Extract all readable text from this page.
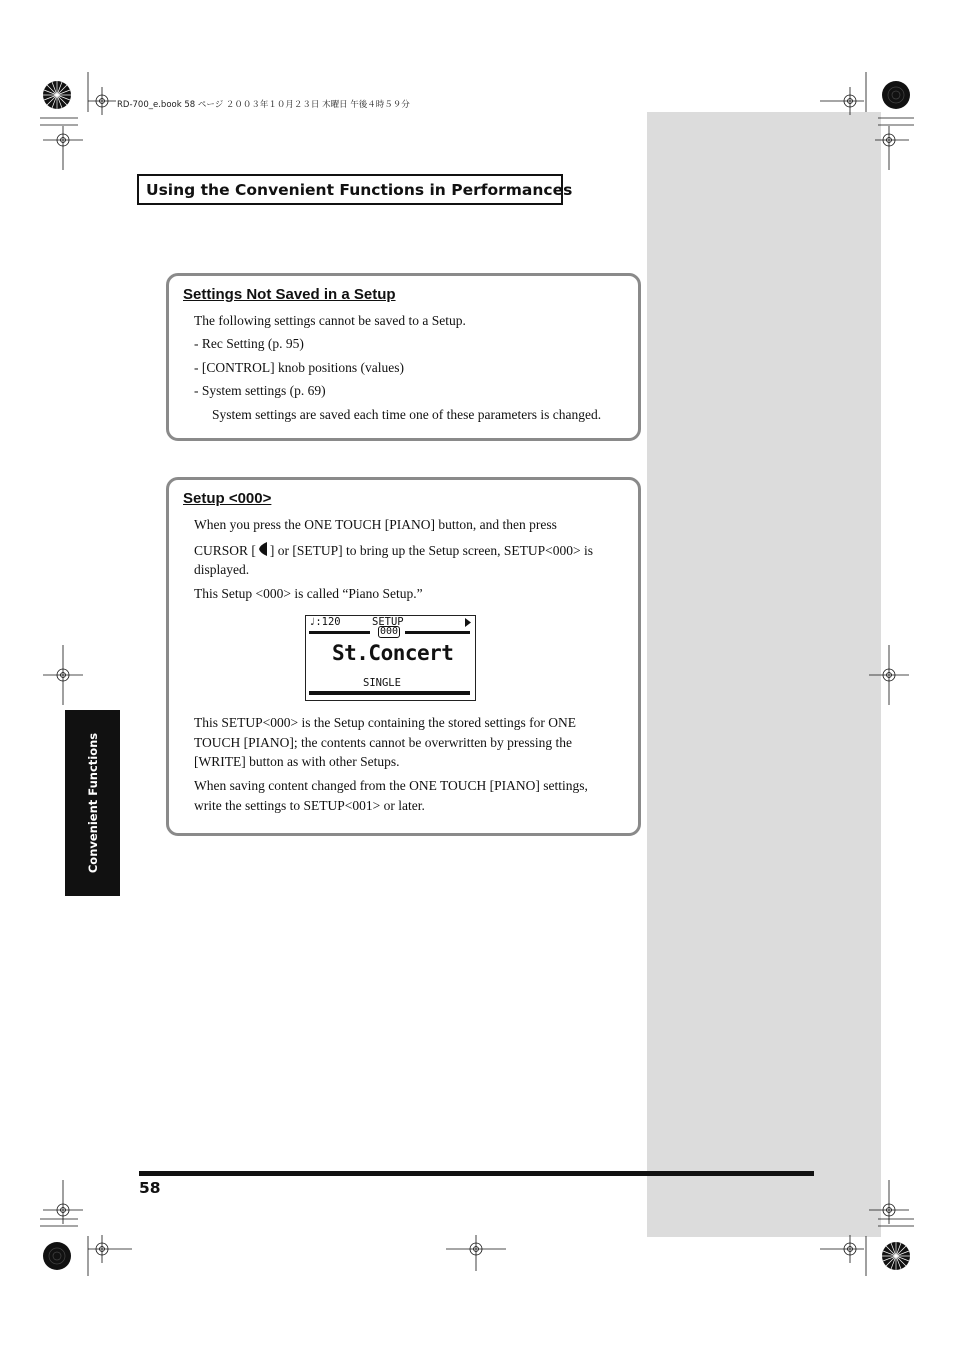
RD-700_e.book 58 ページ ２００３年１０月２３日 木曜日 午後４時５９分
Using the Convenient Functions in Performances
Settings Not Saved in a Setup
The following settings cannot be saved to a Setup.
- Rec Setting (p. 95)
- [CONTROL] knob positions (values)
- System settings (p. 69)
System settings are saved each time one of these parameters is changed.
Setup <000>
When you press the ONE TOUCH [PIANO] button, and then press
CURSOR [ ] or [SETUP] to bring up the Setup screen, SETUP<000> is
displayed.
This Setup <000> is called “Piano Setup.”
This SETUP<000> is the Setup containing the stored settings for ONE
TOUCH [PIANO]; the contents cannot be overwritten by pressing the
[WRITE] button as with other Setups.
When saving content changed from the ONE TOUCH [PIANO] settings,
write the settings to SETUP<001> or later.
♩:120	SETUP
000
St.Concert
SINGLE
Convenient Functions
58
